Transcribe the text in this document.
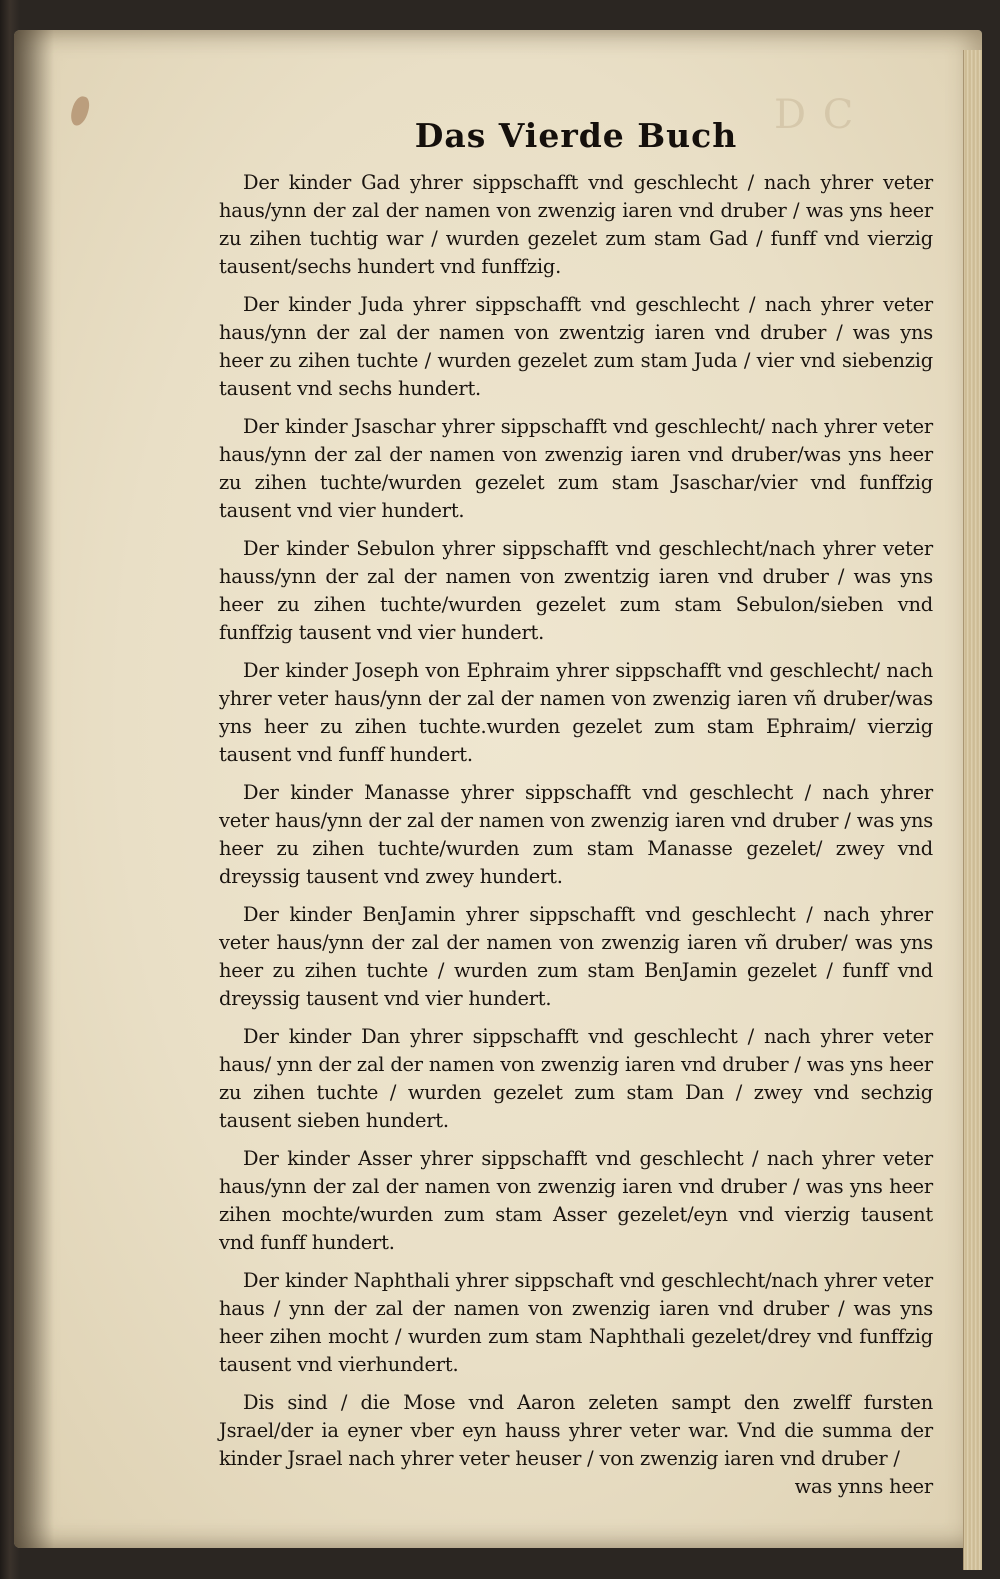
D C
Das Vierde Buch

Der kinder Gad yhrer sippschafft vnd geschlecht / nach yhrer veter haus/ynn der zal der namen von zwenzig iaren vnd druber / was yns heer zu zihen tuchtig war / wurden gezelet zum stam Gad / funff vnd vierzig tausent/sechs hundert vnd funffzig.

Der kinder Juda yhrer sippschafft vnd geschlecht / nach yhrer veter haus/ynn der zal der namen von zwentzig iaren vnd druber / was yns heer zu zihen tuchte / wurden gezelet zum stam Juda / vier vnd siebenzig tausent vnd sechs hundert.

Der kinder Jsaschar yhrer sippschafft vnd geschlecht/ nach yhrer veter haus/ynn der zal der namen von zwenzig iaren vnd druber/was yns heer zu zihen tuchte/wurden gezelet zum stam Jsaschar/vier vnd funffzig tausent vnd vier hundert.

Der kinder Sebulon yhrer sippschafft vnd geschlecht/nach yhrer veter hauss/ynn der zal der namen von zwentzig iaren vnd druber / was yns heer zu zihen tuchte/wurden gezelet zum stam Sebulon/sieben vnd funffzig tausent vnd vier hundert.

Der kinder Joseph von Ephraim yhrer sippschafft vnd geschlecht/ nach yhrer veter haus/ynn der zal der namen von zwenzig iaren vñ druber/was yns heer zu zihen tuchte.wurden gezelet zum stam Ephraim/ vierzig tausent vnd funff hundert.

Der kinder Manasse yhrer sippschafft vnd geschlecht / nach yhrer veter haus/ynn der zal der namen von zwenzig iaren vnd druber / was yns heer zu zihen tuchte/wurden zum stam Manasse gezelet/ zwey vnd dreyssig tausent vnd zwey hundert.

Der kinder BenJamin yhrer sippschafft vnd geschlecht / nach yhrer veter haus/ynn der zal der namen von zwenzig iaren vñ druber/ was yns heer zu zihen tuchte / wurden zum stam BenJamin gezelet / funff vnd dreyssig tausent vnd vier hundert.

Der kinder Dan yhrer sippschafft vnd geschlecht / nach yhrer veter haus/ ynn der zal der namen von zwenzig iaren vnd druber / was yns heer zu zihen tuchte / wurden gezelet zum stam Dan / zwey vnd sechzig tausent sieben hundert.

Der kinder Asser yhrer sippschafft vnd geschlecht / nach yhrer veter haus/ynn der zal der namen von zwenzig iaren vnd druber / was yns heer zihen mochte/wurden zum stam Asser gezelet/eyn vnd vierzig tausent vnd funff hundert.

Der kinder Naphthali yhrer sippschaft vnd geschlecht/nach yhrer veter haus / ynn der zal der namen von zwenzig iaren vnd druber / was yns heer zihen mocht / wurden zum stam Naphthali gezelet/drey vnd funffzig tausent vnd vierhundert.

Dis sind / die Mose vnd Aaron zeleten sampt den zwelff fursten Jsrael/der ia eyner vber eyn hauss yhrer veter war. Vnd die summa der kinder Jsrael nach yhrer veter heuser / von zwenzig iaren vnd druber /
was ynns heer
